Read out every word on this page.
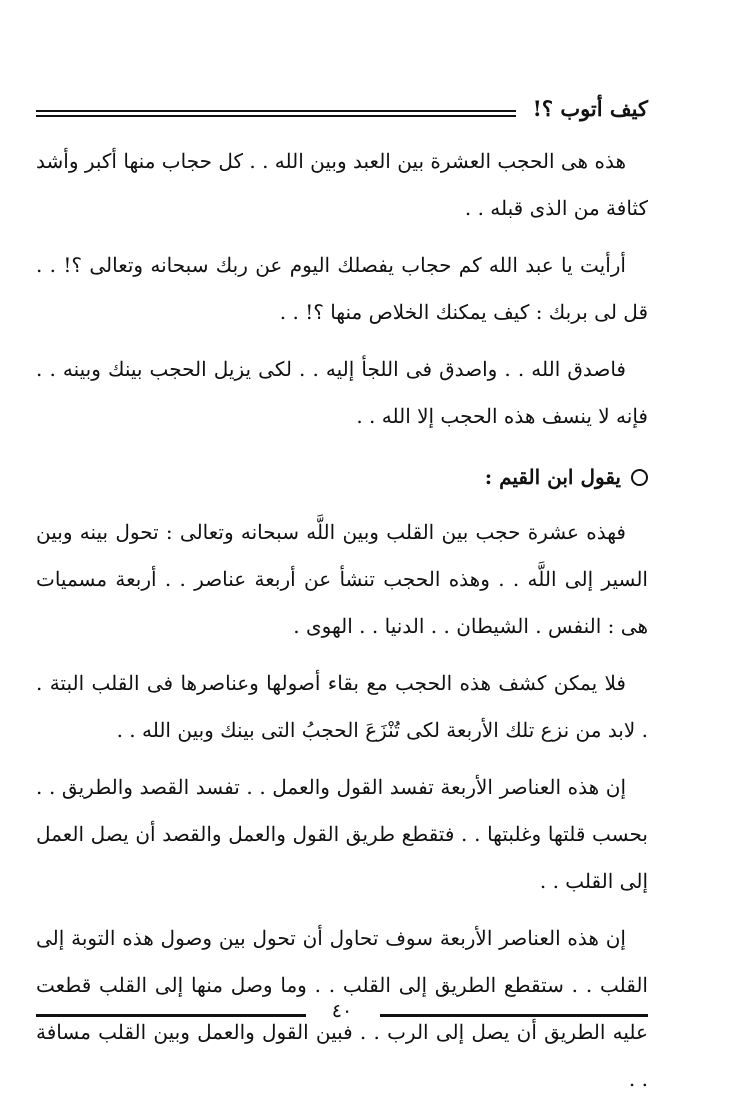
كيف أتوب ؟!

هذه هى الحجب العشرة بين العبد وبين الله . . كل حجاب منها أكبر وأشد كثافة من الذى قبله . .

أرأيت يا عبد الله كم حجاب يفصلك اليوم عن ربك سبحانه وتعالى ؟! . . قل لى بربك : كيف يمكنك الخلاص منها ؟! . .

فاصدق الله . . واصدق فى اللجأ إليه . . لكى يزيل الحجب بينك وبينه . . فإنه لا ينسف هذه الحجب إلا الله . .

يقول ابن القيم :

فهذه عشرة حجب بين القلب وبين اللَّه سبحانه وتعالى : تحول بينه وبين السير إلى اللَّه . . وهذه الحجب تنشأ عن أربعة عناصر . . أربعة مسميات هى : النفس . الشيطان . . الدنيا . . الهوى .

فلا يمكن كشف هذه الحجب مع بقاء أصولها وعناصرها فى القلب البتة . . لابد من نزع تلك الأربعة لكى تُنْزَعَ الحجبُ التى بينك وبين الله . .

إن هذه العناصر الأربعة تفسد القول والعمل . . تفسد القصد والطريق . . بحسب قلتها وغلبتها . . فتقطع طريق القول والعمل والقصد أن يصل العمل إلى القلب . .

إن هذه العناصر الأربعة سوف تحاول أن تحول بين وصول هذه التوبة إلى القلب . . ستقطع الطريق إلى القلب . . وما وصل منها إلى القلب قطعت عليه الطريق أن يصل إلى الرب . . فبين القول والعمل وبين القلب مسافة . .

٤٠
